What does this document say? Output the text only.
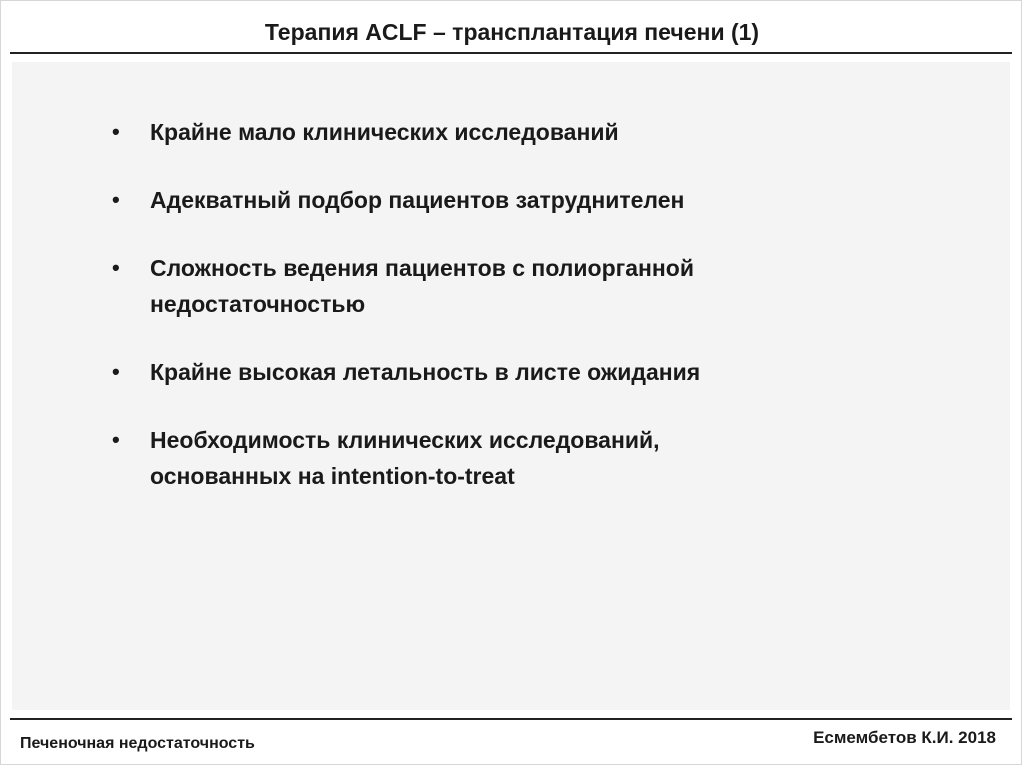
Терапия ACLF – трансплантация печени (1)
• Крайне мало клинических исследований
• Адекватный подбор пациентов затруднителен
• Сложность ведения пациентов с полиорганной
недостаточностью
• Крайне высокая летальность в листе ожидания
• Необходимость клинических исследований,
основанных на intention-to-treat
Печеночная недостаточность	Есмембетов К.И. 2018
